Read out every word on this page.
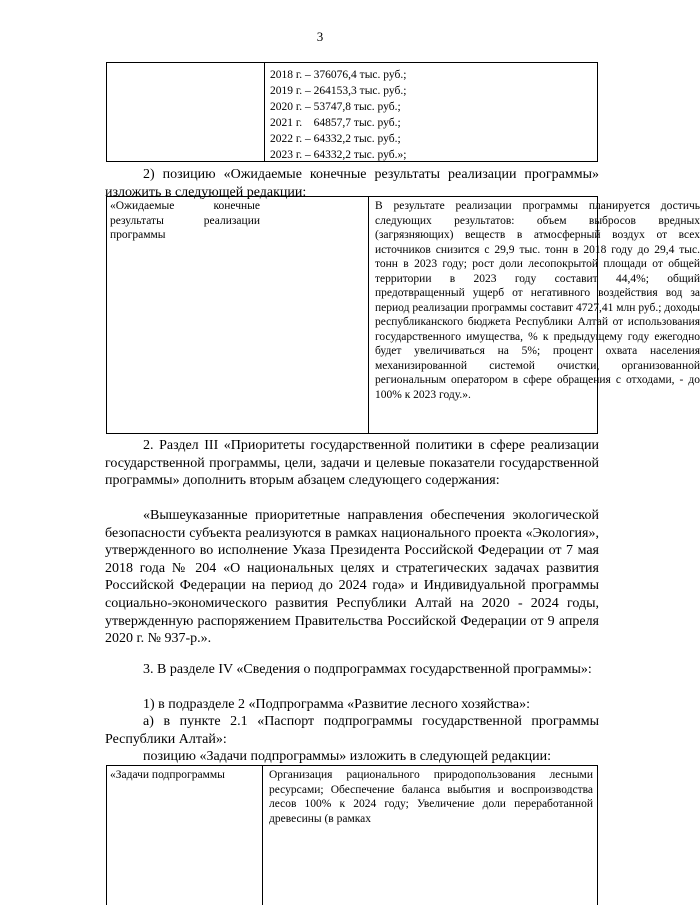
3
2018 г. – 376076,4 тыс. руб.;
2019 г. – 264153,3 тыс. руб.;
2020 г. – 53747,8 тыс. руб.;
2021 г.    64857,7 тыс. руб.;
2022 г. – 64332,2 тыс. руб.;
2023 г. – 64332,2 тыс. руб.»;
2) позицию «Ожидаемые конечные результаты реализации программы» изложить в следующей редакции:
«Ожидаемые конечные результаты реализации программы
В результате реализации программы планируется достичь следующих результатов: объем выбросов вредных (загрязняющих) веществ в атмосферный воздух от всех источников снизится с 29,9 тыс. тонн в 2018 году до 29,4 тыс. тонн в 2023 году; рост доли лесопокрытой площади от общей территории в 2023 году составит 44,4%; общий предотвращенный ущерб от негативного воздействия вод за период реализации программы составит 4727,41 млн руб.; доходы республиканского бюджета Республики Алтай от использования государственного имущества, % к предыдущему году ежегодно будет увеличиваться на 5%; процент охвата населения механизированной системой очистки, организованной региональным оператором в сфере обращения с отходами, - до 100% к 2023 году.».
2. Раздел III «Приоритеты государственной политики в сфере реализации государственной программы, цели, задачи и целевые показатели государственной программы» дополнить вторым абзацем следующего содержания:
«Вышеуказанные приоритетные направления обеспечения экологической безопасности субъекта реализуются в рамках национального проекта «Экология», утвержденного во исполнение Указа Президента Российской Федерации от 7 мая 2018 года № 204 «О национальных целях и стратегических задачах развития Российской Федерации на период до 2024 года» и Индивидуальной программы социально-экономического развития Республики Алтай на 2020 - 2024 годы, утвержденную распоряжением Правительства Российской Федерации от 9 апреля 2020 г. № 937-р.».
3. В разделе IV «Сведения о подпрограммах государственной программы»:
1) в подразделе 2 «Подпрограмма «Развитие лесного хозяйства»:
а) в пункте 2.1 «Паспорт подпрограммы государственной программы Республики Алтай»:
позицию «Задачи подпрограммы» изложить в следующей редакции:
«Задачи подпрограммы	Организация рационального природопользования лесными ресурсами; Обеспечение баланса выбытия и воспроизводства лесов 100% к 2024 году; Увеличение доли переработанной древесины (в рамках
